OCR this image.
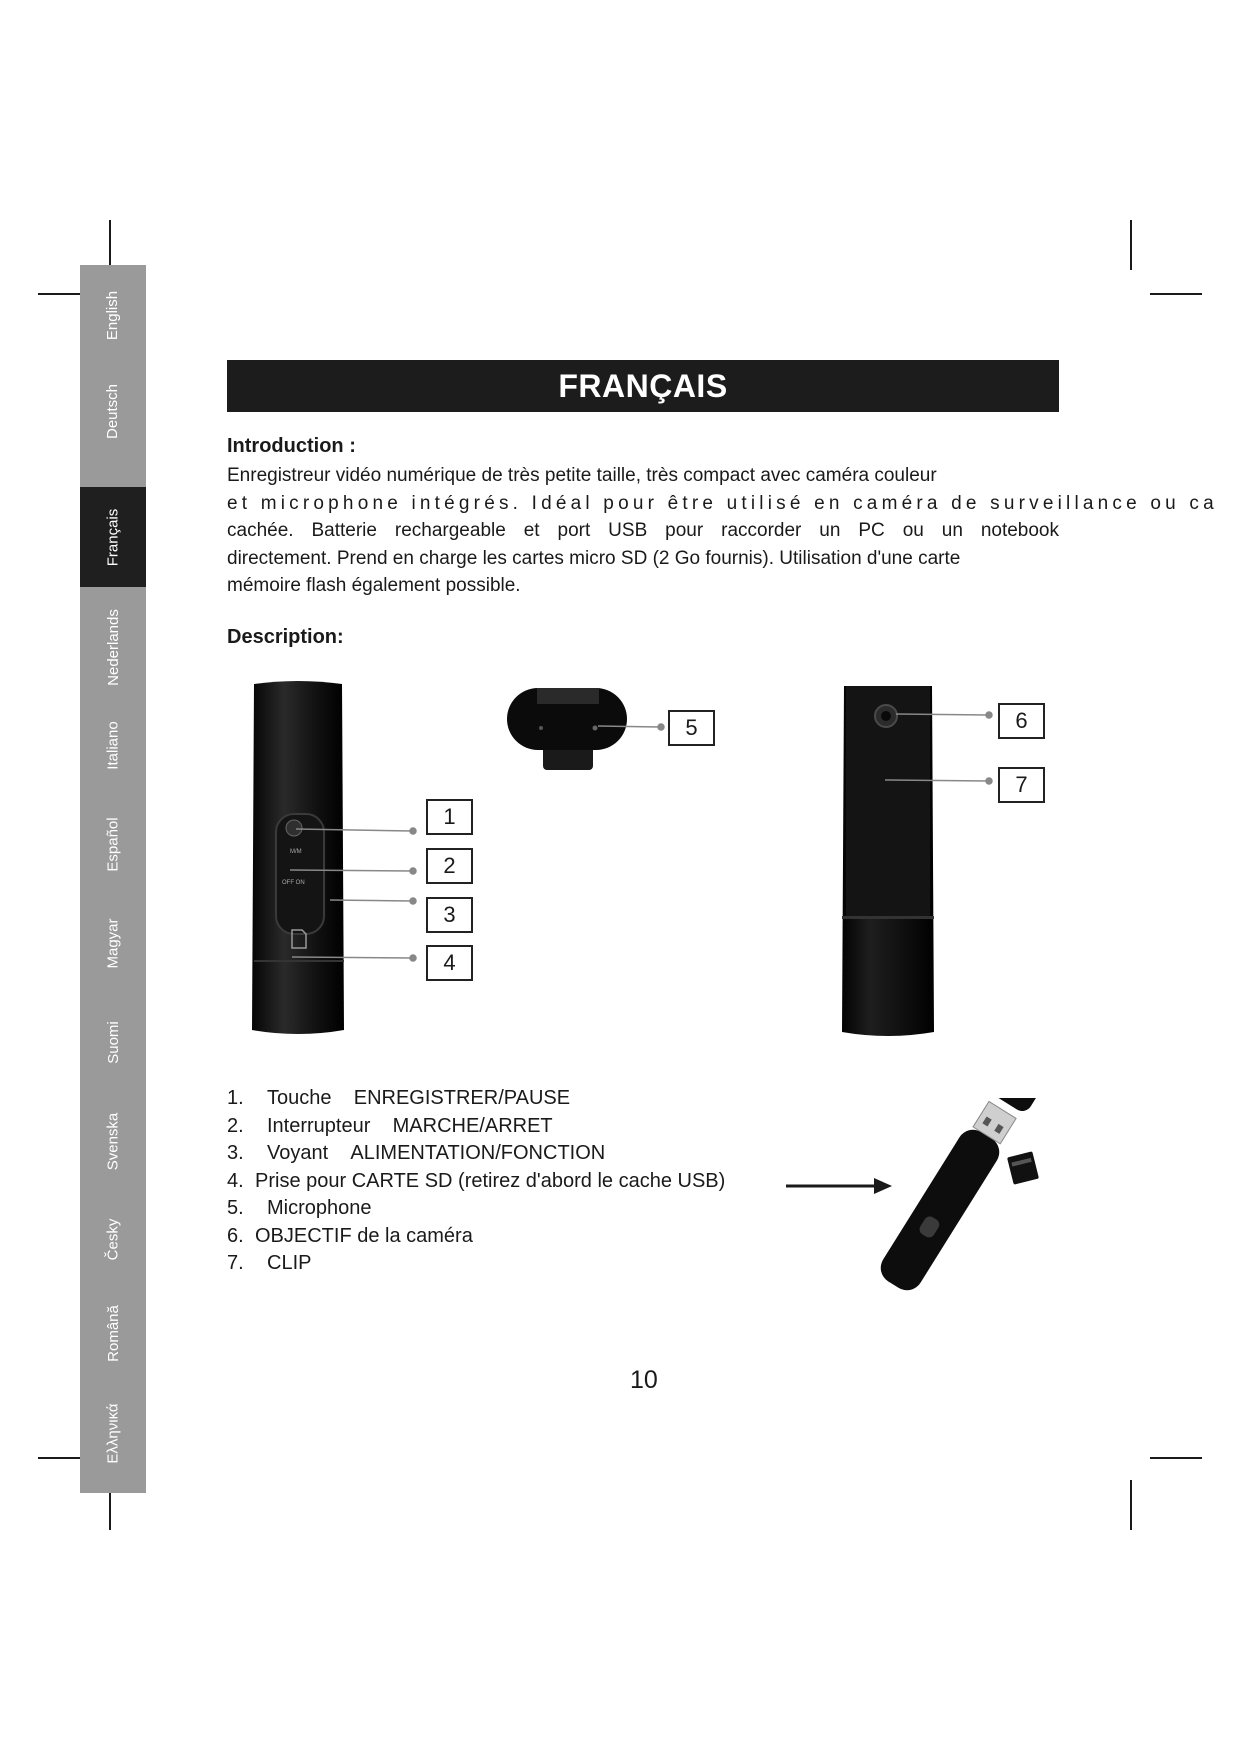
English
Deutsch
Français
Nederlands
Italiano
Español
Magyar
Suomi
Svenska
Česky
Română
Ελληνικά
FRANÇAIS
Introduction :
Enregistreur vidéo numérique de très petite taille, très compact avec caméra couleur
et microphone intégrés. Idéal pour être utilisé en caméra de surveillance ou ca
cachée. Batterie rechargeable et port USB pour raccorder un PC ou un notebook
directement. Prend en charge les cartes micro SD (2 Go fournis). Utilisation d'une carte
mémoire flash également possible.
Description:
M/M
OFF ON
1
2
3
4
5	6
7
1. Touche ENREGISTRER/PAUSE
2. Interrupteur MARCHE/ARRET
3. Voyant ALIMENTATION/FONCTION
4. Prise pour CARTE SD (retirez d'abord le cache USB)
5. Microphone
6. OBJECTIF de la caméra
7. CLIP
10
